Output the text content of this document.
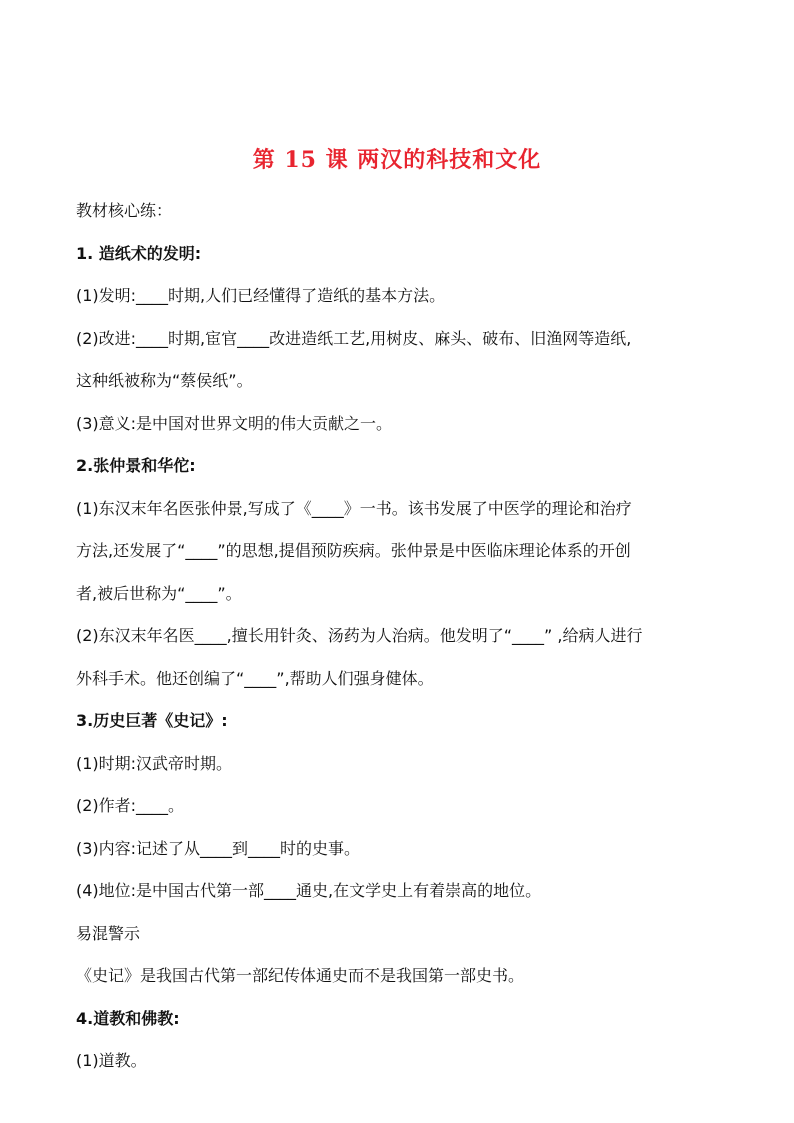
第 15 课 两汉的科技和文化
教材核心练：
1. 造纸术的发明:
(1)发明:____时期,人们已经懂得了造纸的基本方法。
(2)改进:____时期,宦官____改进造纸工艺,用树皮、麻头、破布、旧渔网等造纸,
这种纸被称为“蔡侯纸”。
(3)意义:是中国对世界文明的伟大贡献之一。
2.张仲景和华佗:
(1)东汉末年名医张仲景,写成了《____》一书。该书发展了中医学的理论和治疗
方法,还发展了“____”的思想,提倡预防疾病。张仲景是中医临床理论体系的开创
者,被后世称为“____”。
(2)东汉末年名医____,擅长用针灸、汤药为人治病。他发明了“____” ,给病人进行
外科手术。他还创编了“____”,帮助人们强身健体。
3.历史巨著《史记》:
(1)时期:汉武帝时期。
(2)作者:____。
(3)内容:记述了从____到____时的史事。
(4)地位:是中国古代第一部____通史,在文学史上有着崇高的地位。
易混警示
《史记》是我国古代第一部纪传体通史而不是我国第一部史书。
4.道教和佛教:
(1)道教。
